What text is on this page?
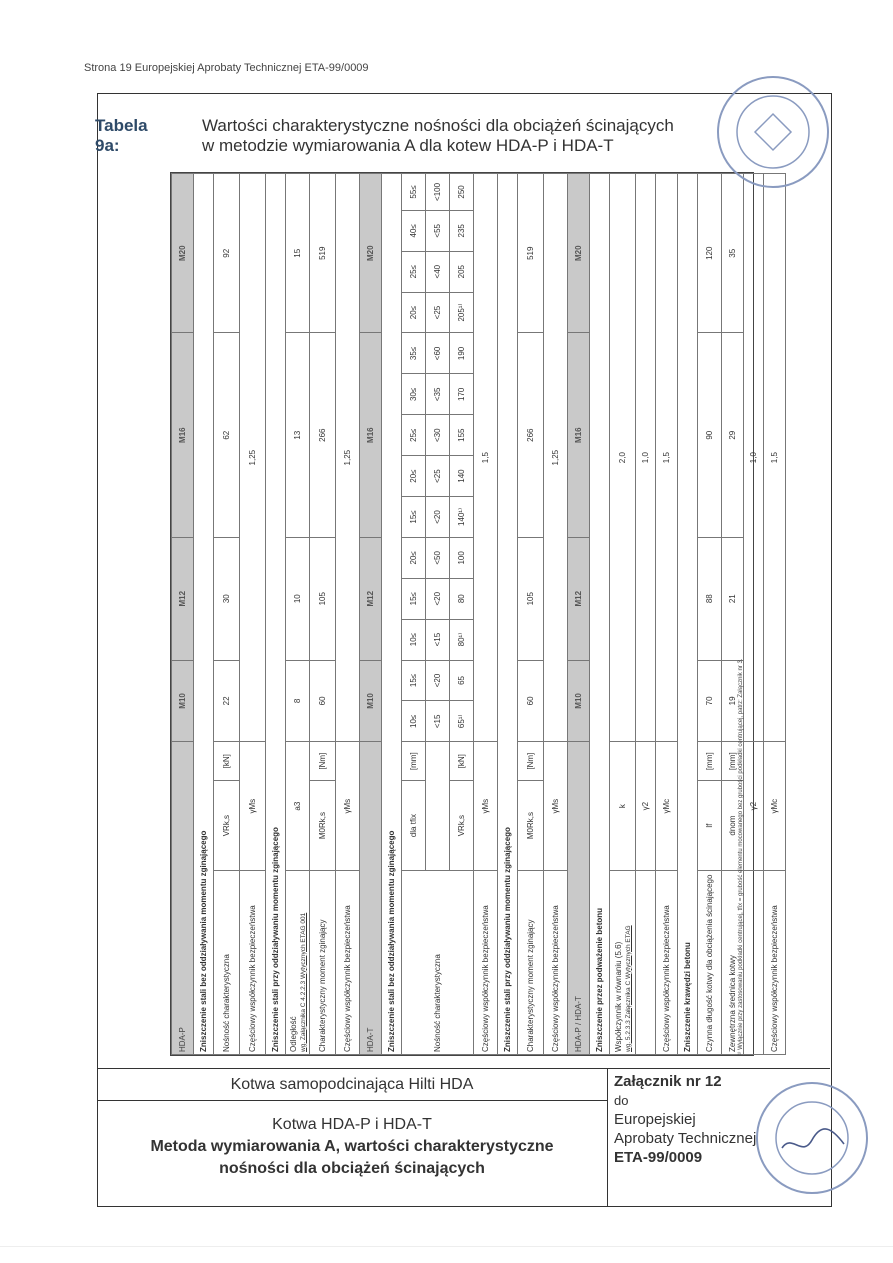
Strona 19 Europejskiej Aprobaty Technicznej ETA-99/0009
Tabela 9a:
Wartości charakterystyczne nośności dla obciążeń ścinających
w metodzie wymiarowania A dla kotew HDA-P i HDA-T
HDA-P			M10		M12			M16					M20			
Zniszczenie stali bez oddziaływania momentu zginającego																
Nośność charakterystyczna	VRk,s	[kN]	22		30			62					92			
Częściowy współczynnik bezpieczeństwa	γMs		1,25													
Zniszczenie stali przy oddziaływaniu momentu zginającego																
Odległość wg. Załącznika C 4.2.2.3 Wytycznych ETAG 001	a3		8		10			13					15			
Charakterystyczny moment zginający	M0Rk,s	[Nm]	60		105			266					519			
Częściowy współczynnik bezpieczeństwa	γMs		1,25													
HDA-T			M10		M12			M16					M20			
Zniszczenie stali bez oddziaływania momentu zginającego																
Nośność charakterystyczna	dla tfix	[mm]	10≤	15≤	10≤	15≤	20≤	15≤	20≤	25≤	30≤	35≤	20≤	25≤	40≤	55≤
			<15	<20	<15	<20	<50	<20	<25	<30	<35	<60	<25	<40	<55	<100
	VRk,s	[kN]	65¹⁾	65	80¹⁾	80	100	140¹⁾	140	155	170	190	205¹⁾	205	235	250
Częściowy współczynnik bezpieczeństwa	γMs		1,5													
Zniszczenie stali przy oddziaływaniu momentu zginającego																
Charakterystyczny moment zginający	M0Rk,s	[Nm]	60		105			266					519			
Częściowy współczynnik bezpieczeństwa	γMs		1,25													
HDA-P / HDA-T			M10		M12			M16					M20			
Zniszczenie przez podważenie betonu																
Współczynnik w równaniu (5.6) wg. 5.2.3.3 Załącznika C Wytycznych ETAG	k		2,0													
	γ2		1,0													
Częściowy współczynnik bezpieczeństwa	γMc		1,5													
Zniszczenie krawędzi betonu																
Czynna długość kotwy dla obciążenia ścinającego	lf	[mm]	70		88			90					120			
Zewnętrzna średnica kotwy	dnom	[mm]	19		21			29					35			
	γ2		1,0													
Częściowy współczynnik bezpieczeństwa	γMc		1,5													
¹⁾ Wyłącznie przy zastosowaniu podkładki centrującej, tfix = grubość elementu mocowanego bez grubości podkładki centrującej, patrz: Załącznik nr 3.
Kotwa samopodcinająca Hilti HDA
Kotwa HDA-P i HDA-T
Metoda wymiarowania A, wartości charakterystyczne
nośności dla obciążeń ścinających
Załącznik nr 12
do
Europejskiej
Aprobaty Technicznej
ETA-99/0009
